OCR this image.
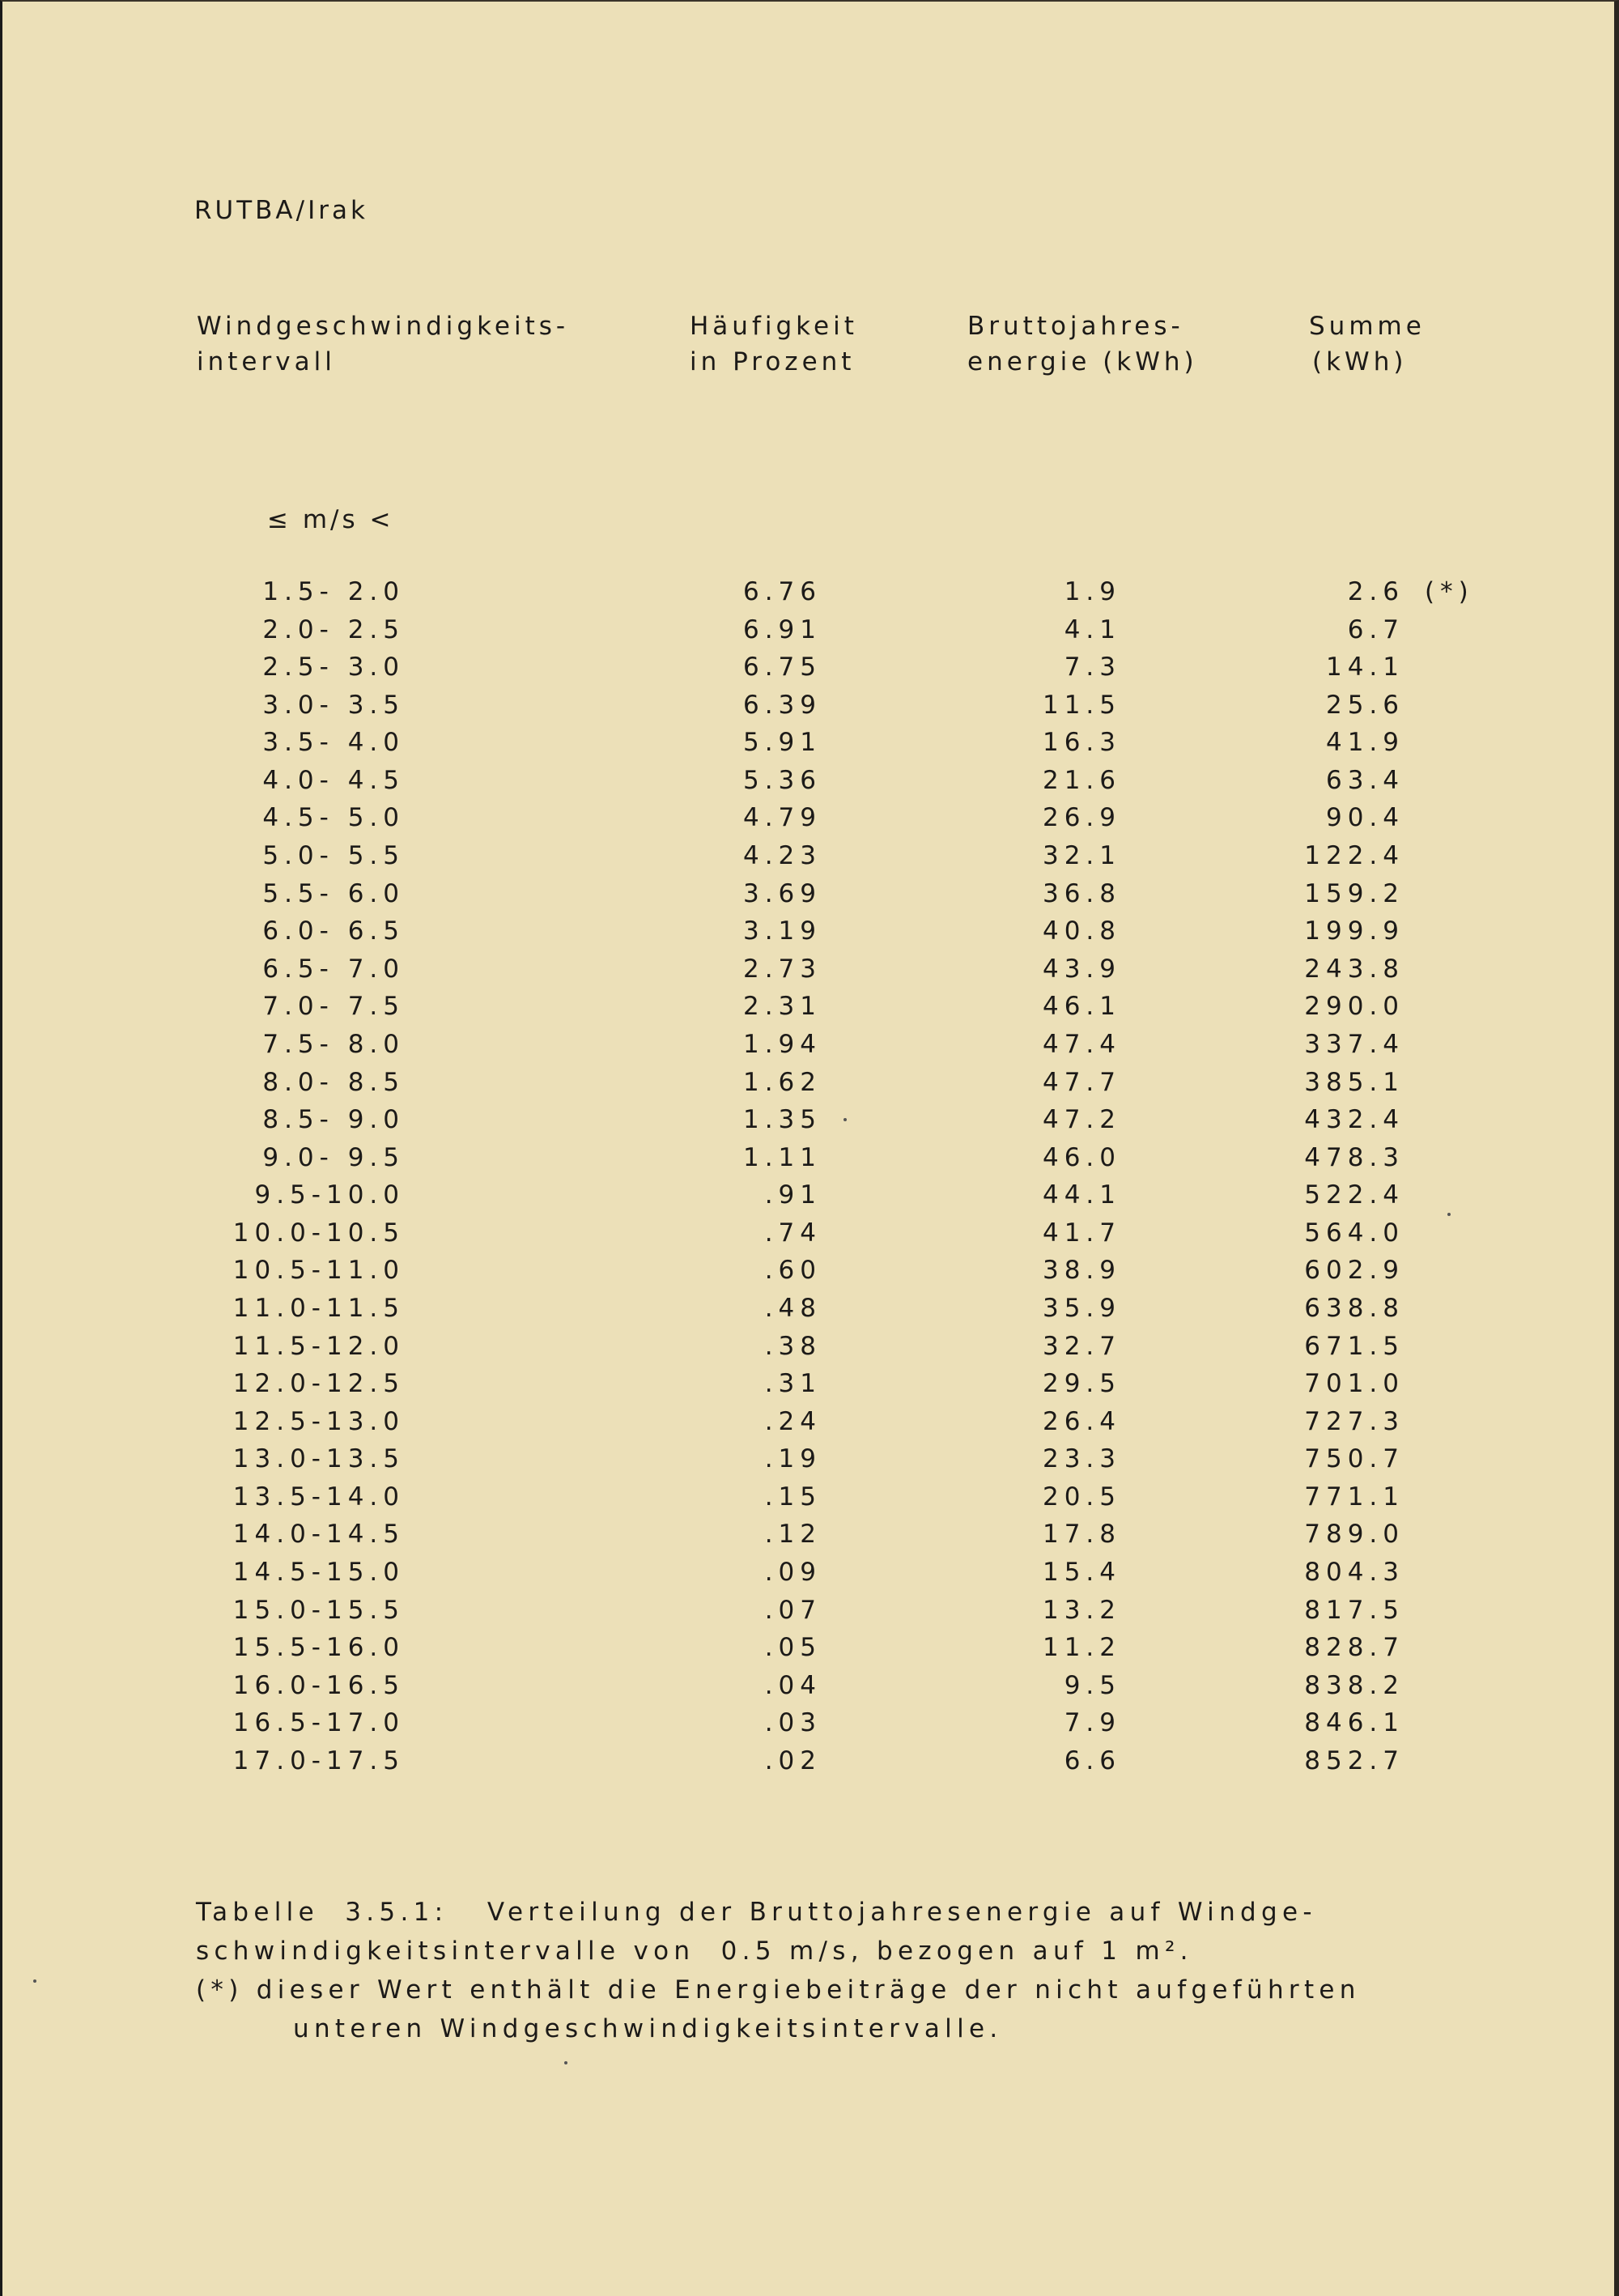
RUTBA/Irak
Windgeschwindigkeits-
intervall
Häufigkeit
in Prozent
Bruttojahres-
energie (kWh)
Summe
(kWh)
≤ m/s <
1.5- 2.0	6.76	1.9	2.6 (*)
2.0- 2.5	6.91	4.1	6.7
2.5- 3.0	6.75	7.3	14.1
3.0- 3.5	6.39	11.5	25.6
3.5- 4.0	5.91	16.3	41.9
4.0- 4.5	5.36	21.6	63.4
4.5- 5.0	4.79	26.9	90.4
5.0- 5.5	4.23	32.1	122.4
5.5- 6.0	3.69	36.8	159.2
6.0- 6.5	3.19	40.8	199.9
6.5- 7.0	2.73	43.9	243.8
7.0- 7.5	2.31	46.1	290.0
7.5- 8.0	1.94	47.4	337.4
8.0- 8.5	1.62	47.7	385.1
8.5- 9.0	1.35	47.2	432.4
9.0- 9.5	1.11	46.0	478.3
9.5-10.0	.91	44.1	522.4
10.0-10.5	.74	41.7	564.0
10.5-11.0	.60	38.9	602.9
11.0-11.5	.48	35.9	638.8
11.5-12.0	.38	32.7	671.5
12.0-12.5	.31	29.5	701.0
12.5-13.0	.24	26.4	727.3
13.0-13.5	.19	23.3	750.7
13.5-14.0	.15	20.5	771.1
14.0-14.5	.12	17.8	789.0
14.5-15.0	.09	15.4	804.3
15.0-15.5	.07	13.2	817.5
15.5-16.0	.05	11.2	828.7
16.0-16.5	.04	9.5	838.2
16.5-17.0	.03	7.9	846.1
17.0-17.5	.02	6.6	852.7
Tabelle  3.5.1:   Verteilung der Bruttojahresenergie auf Windge-
schwindigkeitsintervalle von  0.5 m/s, bezogen auf 1 m².
(*) dieser Wert enthält die Energiebeiträge der nicht aufgeführten
unteren Windgeschwindigkeitsintervalle.
